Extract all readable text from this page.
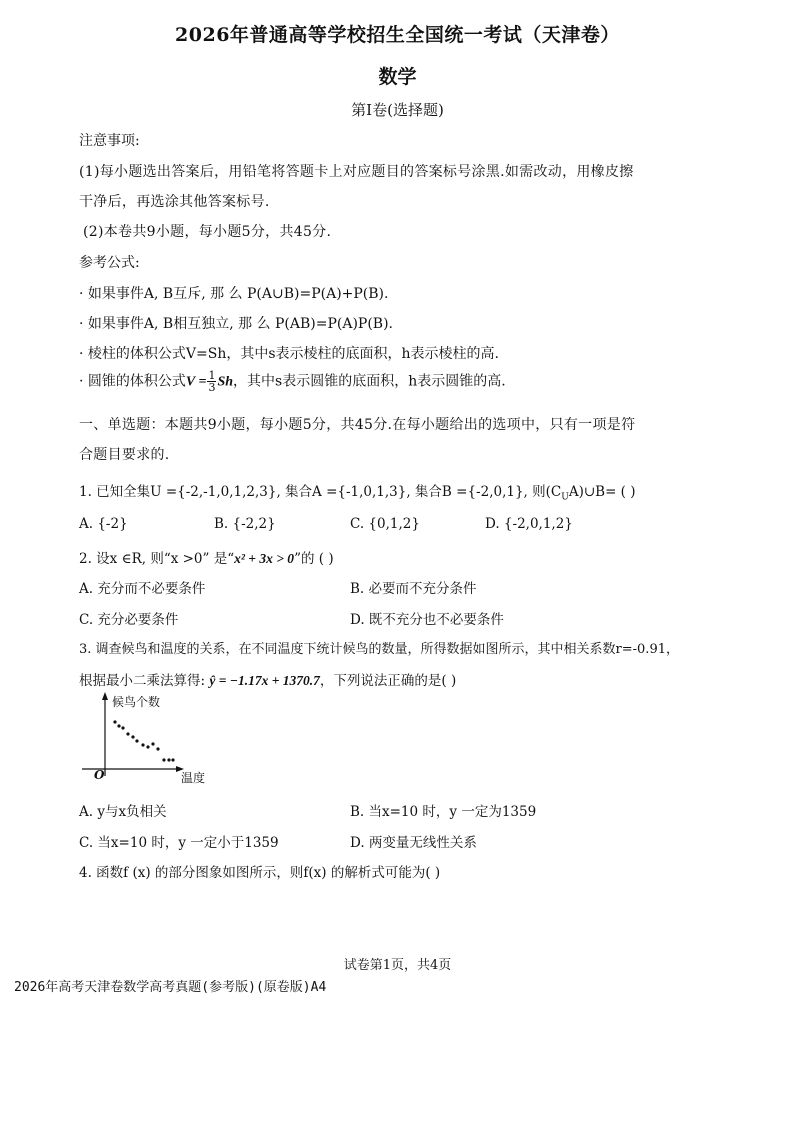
2026年普通高等学校招生全国统一考试（天津卷）
数学
第Ⅰ卷(选择题)
注意事项:
(1)每小题选出答案后，用铅笔将答题卡上对应题目的答案标号涂黑.如需改动，用橡皮擦
干净后，再选涂其他答案标号.
(2)本卷共9小题，每小题5分，共45分.
参考公式:
· 如果事件A, B互斥, 那 么 P(A∪B)=P(A)+P(B).
· 如果事件A, B相互独立, 那 么 P(AB)=P(A)P(B).
· 棱柱的体积公式V=Sh，其中s表示棱柱的底面积，h表示棱柱的高.
· 圆锥的体积公式$V = \frac{1}{3}$ Sh，其中s表示圆锥的底面积，h表示圆锥的高.
一、单选题：本题共9小题，每小题5分，共45分.在每小题给出的选项中，只有一项是符
合题目要求的.
1. 已知全集U ={-2,-1,0,1,2,3}, 集合A ={-1,0,1,3}, 集合B ={-2,0,1}, 则$(C_UA)\cup B=$ ( )
A. {-2}	B. {-2,2}	C. {0,1,2}	D. {-2,0,1,2}
2. 设x ∈R, 则“x >0” 是“x² + 3x > 0”的 ( )
A. 充分而不必要条件	B. 必要而不充分条件
C. 充分必要条件	D. 既不充分也不必要条件
3. 调查候鸟和温度的关系，在不同温度下统计候鸟的数量，所得数据如图所示，其中相关系数r=-0.91，
根据最小二乘法算得: ŷ = −1.17x + 1370.7，下列说法正确的是( )
候鸟个数
温度
O
A. y与x负相关	B. 当x=10 时，y 一定为1359
C. 当x=10 时，y 一定小于1359	D. 两变量无线性关系
4. 函数f (x) 的部分图象如图所示，则f(x) 的解析式可能为( )
试卷第1页，共4页
2026年高考天津卷数学高考真题(参考版)(原卷版)A4
